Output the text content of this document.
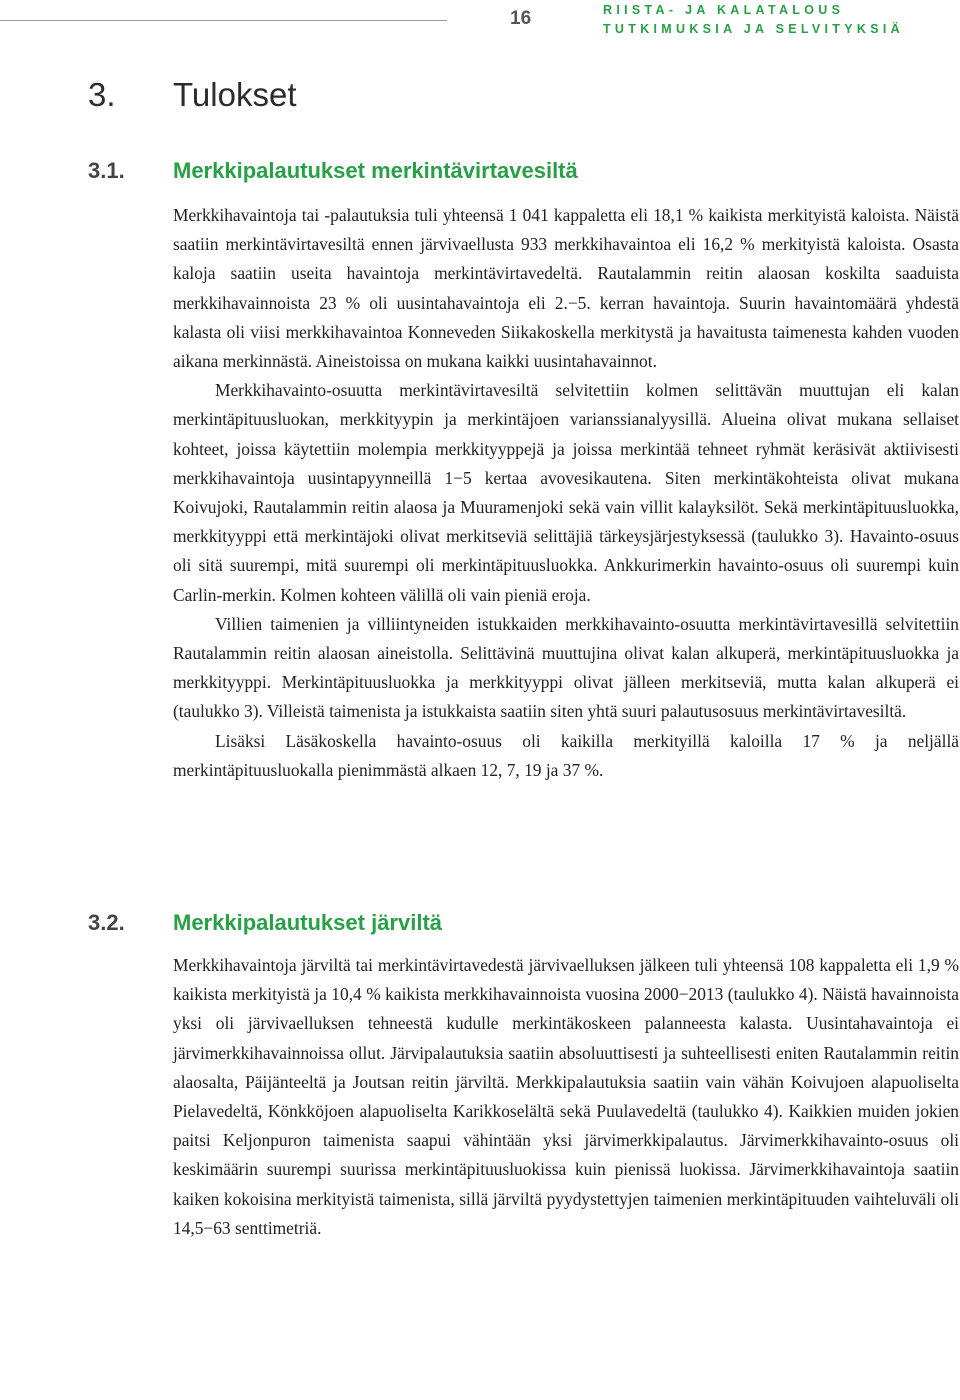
16	RIISTA- JA KALATALOUS
TUTKIMUKSIA JA SELVITYKSIÄ
3. Tulokset
3.1. Merkkipalautukset merkintävirtavesiltä

Merkkihavaintoja tai -palautuksia tuli yhteensä 1 041 kappaletta eli 18,1 % kaikista merkityistä kaloista. Näistä saatiin merkintävirtavesiltä ennen järvivaellusta 933 merkkihavaintoa eli 16,2 % merkityistä kaloista. Osasta kaloja saatiin useita havaintoja merkintävirtavedeltä. Rautalammin reitin alaosan koskilta saaduista merkkihavainnoista 23 % oli uusintahavaintoja eli 2.−5. kerran havaintoja. Suurin havaintomäärä yhdestä kalasta oli viisi merkkihavaintoa Konneveden Siikakoskella merkitystä ja havaitusta taimenesta kahden vuoden aikana merkinnästä. Aineistoissa on mukana kaikki uusintahavainnot.

Merkkihavainto-osuutta merkintävirtavesiltä selvitettiin kolmen selittävän muuttujan eli kalan merkintäpituusluokan, merkkityypin ja merkintäjoen varianssianalyysillä. Alueina olivat mukana sellaiset kohteet, joissa käytettiin molempia merkkityyppejä ja joissa merkintää tehneet ryhmät keräsivät aktiivisesti merkkihavaintoja uusintapyynneillä 1−5 kertaa avovesikautena. Siten merkintäkohteista olivat mukana Koivujoki, Rautalammin reitin alaosa ja Muuramenjoki sekä vain villit kalayksilöt. Sekä merkintäpituusluokka, merkkityyppi että merkintäjoki olivat merkitseviä selittäjiä tärkeysjärjestyksessä (taulukko 3). Havainto-osuus oli sitä suurempi, mitä suurempi oli merkintäpituusluokka. Ankkurimerkin havainto-osuus oli suurempi kuin Carlin-merkin. Kolmen kohteen välillä oli vain pieniä eroja.

Villien taimenien ja villiintyneiden istukkaiden merkkihavainto-osuutta merkintävirtavesillä selvitettiin Rautalammin reitin alaosan aineistolla. Selittävinä muuttujina olivat kalan alkuperä, merkintäpituusluokka ja merkkityyppi. Merkintäpituusluokka ja merkkityyppi olivat jälleen merkitseviä, mutta kalan alkuperä ei (taulukko 3). Villeistä taimenista ja istukkaista saatiin siten yhtä suuri palautusosuus merkintävirtavesiltä.

Lisäksi Läsäkoskella havainto-osuus oli kaikilla merkityillä kaloilla 17 % ja neljällä merkintäpituusluokalla pienimmästä alkaen 12, 7, 19 ja 37 %.

3.2. Merkkipalautukset järviltä

Merkkihavaintoja järviltä tai merkintävirtavedestä järvivaelluksen jälkeen tuli yhteensä 108 kappaletta eli 1,9 % kaikista merkityistä ja 10,4 % kaikista merkkihavainnoista vuosina 2000−2013 (taulukko 4). Näistä havainnoista yksi oli järvivaelluksen tehneestä kudulle merkintäkoskeen palanneesta kalasta. Uusintahavaintoja ei järvimerkkihavainnoissa ollut. Järvipalautuksia saatiin absoluuttisesti ja suhteellisesti eniten Rautalammin reitin alaosalta, Päijänteeltä ja Joutsan reitin järviltä. Merkkipalautuksia saatiin vain vähän Koivujoen alapuoliselta Pielavedeltä, Könkköjoen alapuoliselta Karikkoselältä sekä Puulavedeltä (taulukko 4). Kaikkien muiden jokien paitsi Keljonpuron taimenista saapui vähintään yksi järvimerkkipalautus. Järvimerkkihavainto-osuus oli keskimäärin suurempi suurissa merkintäpituusluokissa kuin pienissä luokissa. Järvimerkkihavaintoja saatiin kaiken kokoisina merkityistä taimenista, sillä järviltä pyydystettyjen taimenien merkintäpituuden vaihteluväli oli 14,5−63 senttimetriä.
